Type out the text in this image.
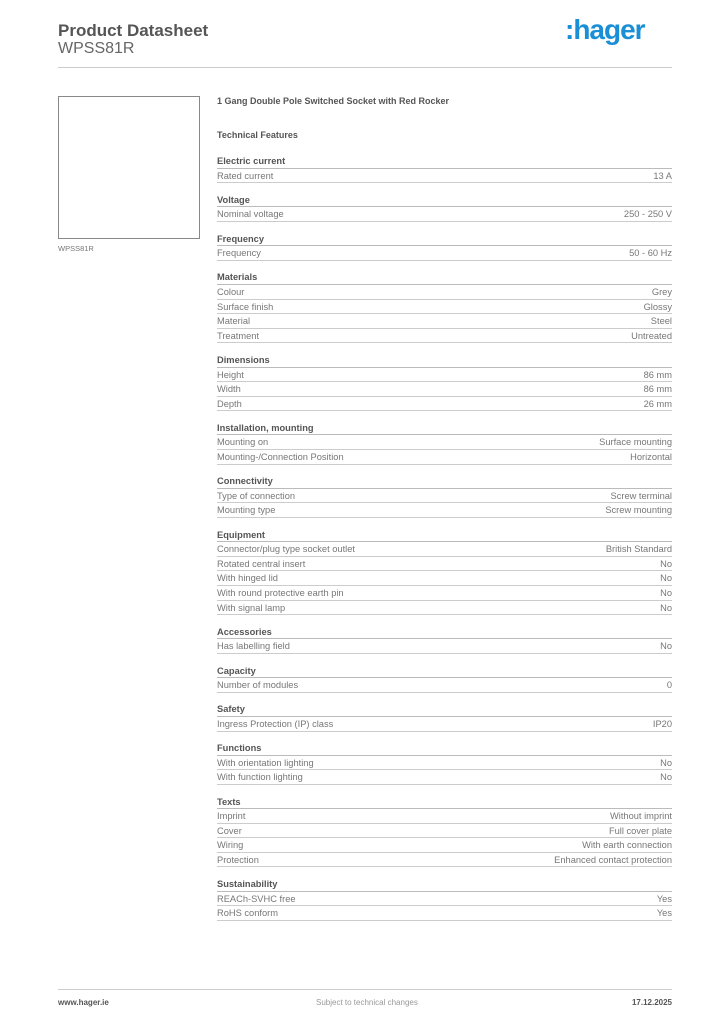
Product Datasheet
WPSS81R
:hager
WPSS81R
1 Gang Double Pole Switched Socket with Red Rocker
Technical Features
Electric current
Rated current	13 A
Voltage
Nominal voltage	250 - 250 V
Frequency
Frequency	50 - 60 Hz
Materials
Colour	Grey
Surface finish	Glossy
Material	Steel
Treatment	Untreated
Dimensions
Height	86 mm
Width	86 mm
Depth	26 mm
Installation, mounting
Mounting on	Surface mounting
Mounting-/Connection Position	Horizontal
Connectivity
Type of connection	Screw terminal
Mounting type	Screw mounting
Equipment
Connector/plug type socket outlet	British Standard
Rotated central insert	No
With hinged lid	No
With round protective earth pin	No
With signal lamp	No
Accessories
Has labelling field	No
Capacity
Number of modules	0
Safety
Ingress Protection (IP) class	IP20
Functions
With orientation lighting	No
With function lighting	No
Texts
Imprint	Without imprint
Cover	Full cover plate
Wiring	With earth connection
Protection	Enhanced contact protection
Sustainability
REACh-SVHC free	Yes
RoHS conform	Yes
www.hager.ie	Subject to technical changes	17.12.2025
